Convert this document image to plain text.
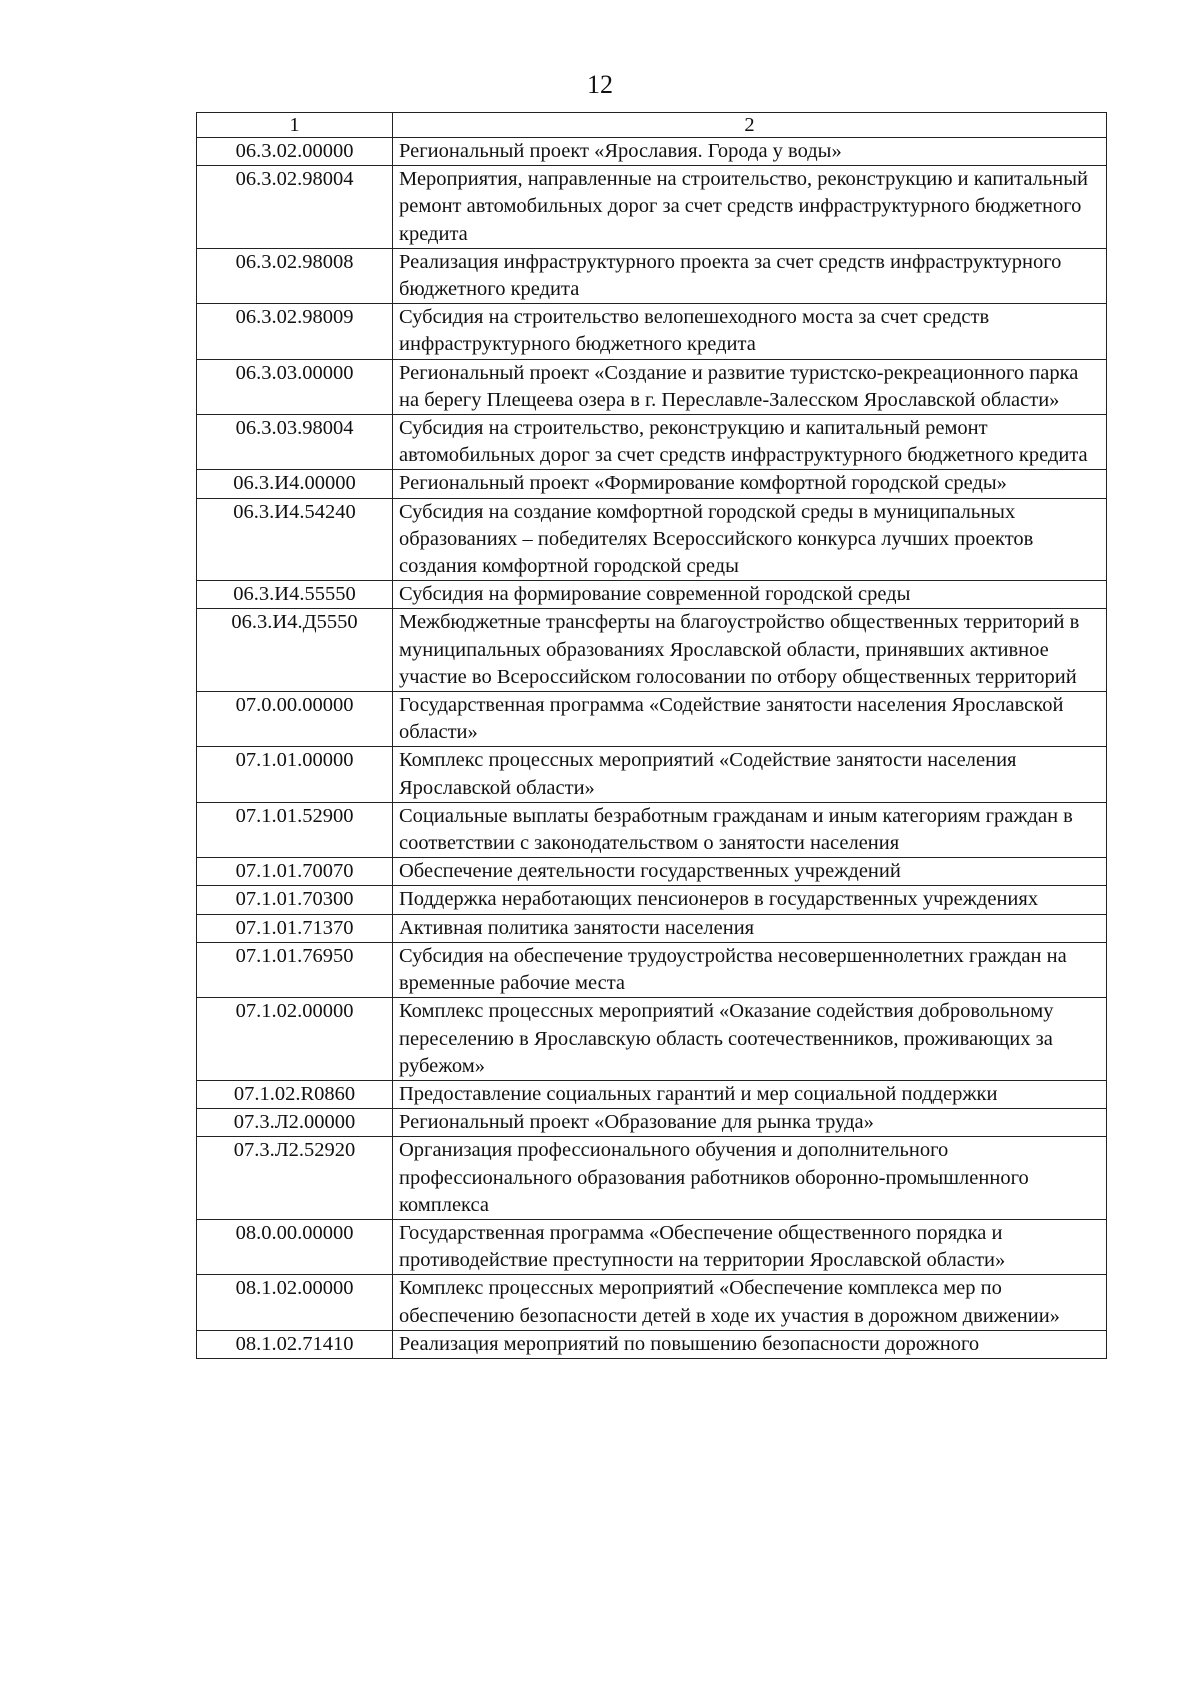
12
1	2
06.3.02.00000	Региональный проект «Ярославия. Города у воды»
06.3.02.98004	Мероприятия, направленные на строительство, реконструкцию и капитальный ремонт автомобильных дорог за счет средств инфраструктурного бюджетного кредита
06.3.02.98008	Реализация инфраструктурного проекта за счет средств инфраструктурного бюджетного кредита
06.3.02.98009	Субсидия на строительство велопешеходного моста за счет средств инфраструктурного бюджетного кредита
06.3.03.00000	Региональный проект «Создание и развитие туристско-рекреационного парка на берегу Плещеева озера в г. Переславле-Залесском Ярославской области»
06.3.03.98004	Субсидия на строительство, реконструкцию и капитальный ремонт автомобильных дорог за счет средств инфраструктурного бюджетного кредита
06.3.И4.00000	Региональный проект «Формирование комфортной городской среды»
06.3.И4.54240	Субсидия на создание комфортной городской среды в муниципальных образованиях – победителях Всероссийского конкурса лучших проектов создания комфортной городской среды
06.3.И4.55550	Субсидия на формирование современной городской среды
06.3.И4.Д5550	Межбюджетные трансферты на благоустройство общественных территорий в муниципальных образованиях Ярославской области, принявших активное участие во Всероссийском голосовании по отбору общественных территорий
07.0.00.00000	Государственная программа «Содействие занятости населения Ярославской области»
07.1.01.00000	Комплекс процессных мероприятий «Содействие занятости населения Ярославской области»
07.1.01.52900	Социальные выплаты безработным гражданам и иным категориям граждан в соответствии с законодательством о занятости населения
07.1.01.70070	Обеспечение деятельности государственных учреждений
07.1.01.70300	Поддержка неработающих пенсионеров в государственных учреждениях
07.1.01.71370	Активная политика занятости населения
07.1.01.76950	Субсидия на обеспечение трудоустройства несовершеннолетних граждан на временные рабочие места
07.1.02.00000	Комплекс процессных мероприятий «Оказание содействия добровольному переселению в Ярославскую область соотечественников, проживающих за рубежом»
07.1.02.R0860	Предоставление социальных гарантий и мер социальной поддержки
07.3.Л2.00000	Региональный проект «Образование для рынка труда»
07.3.Л2.52920	Организация профессионального обучения и дополнительного профессионального образования работников оборонно-промышленного комплекса
08.0.00.00000	Государственная программа «Обеспечение общественного порядка и противодействие преступности на территории Ярославской области»
08.1.02.00000	Комплекс процессных мероприятий «Обеспечение комплекса мер по обеспечению безопасности детей в ходе их участия в дорожном движении»
08.1.02.71410	Реализация мероприятий по повышению безопасности дорожного
